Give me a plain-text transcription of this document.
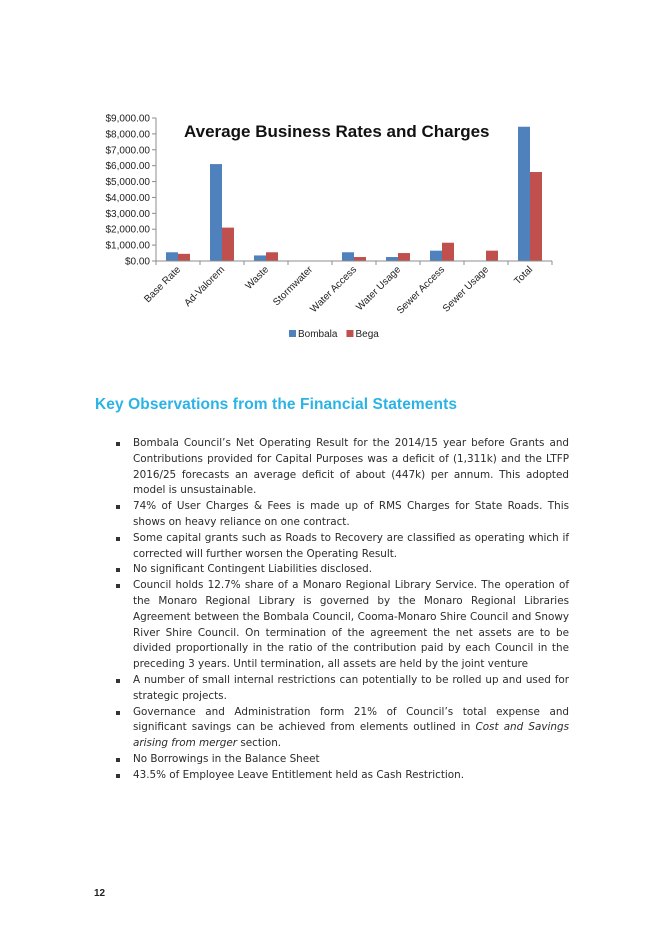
Average Business Rates and Charges
$0.00
$1,000.00
$2,000.00
$3,000.00
$4,000.00
$5,000.00
$6,000.00
$7,000.00
$8,000.00
$9,000.00
Base Rate Ad-Valorem Waste Stormwater
Water Access
Water Usage
Sewer Access
Sewer Usage Total
Bombala Bega
Key Observations from the Financial Statements
Bombala Council’s Net Operating Result for the 2014/15 year before Grants and Contributions provided for Capital Purposes was a deficit of (1,311k) and the LTFP 2016/25 forecasts an average deficit of about (447k) per annum. This adopted model is unsustainable.
74% of User Charges & Fees is made up of RMS Charges for State Roads. This shows on heavy reliance on one contract.
Some capital grants such as Roads to Recovery are classified as operating which if corrected will further worsen the Operating Result.
No significant Contingent Liabilities disclosed.
Council holds 12.7% share of a Monaro Regional Library Service. The operation of the Monaro Regional Library is governed by the Monaro Regional Libraries Agreement between the Bombala Council, Cooma-Monaro Shire Council and Snowy River Shire Council. On termination of the agreement the net assets are to be divided proportionally in the ratio of the contribution paid by each Council in the preceding 3 years. Until termination, all assets are held by the joint venture
A number of small internal restrictions can potentially to be rolled up and used for strategic projects.
Governance and Administration form 21% of Council’s total expense and significant savings can be achieved from elements outlined in Cost and Savings arising from merger section.
No Borrowings in the Balance Sheet
43.5% of Employee Leave Entitlement held as Cash Restriction.
12
